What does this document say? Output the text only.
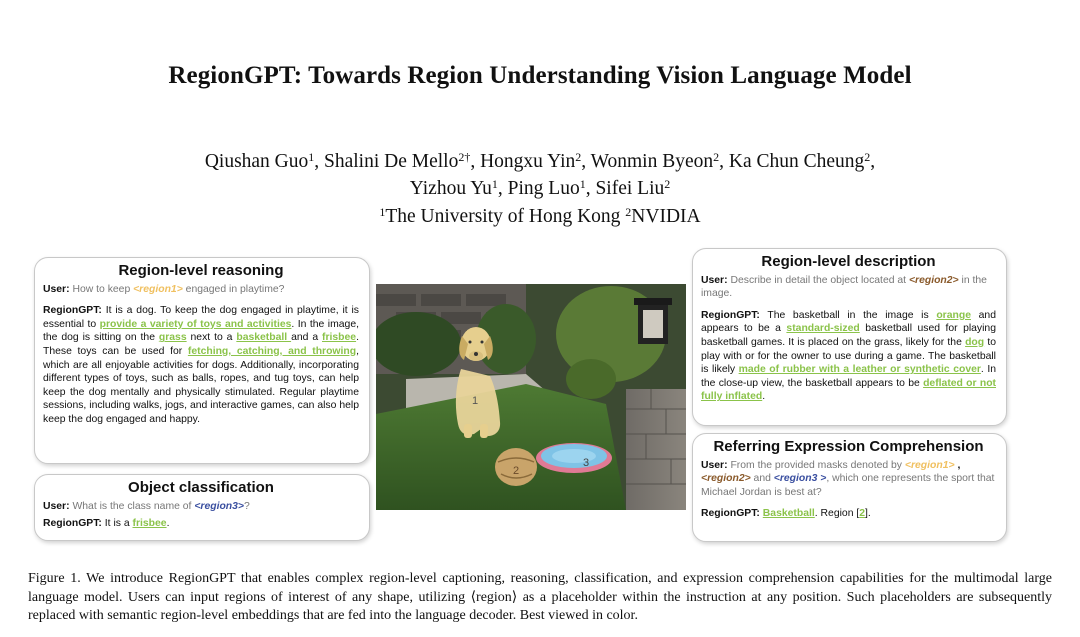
RegionGPT: Towards Region Understanding Vision Language Model
Qiushan Guo$^1$, Shalini De Mello$^{2\dagger}$, Hongxu Yin$^2$, Wonmin Byeon$^2$, Ka Chun Cheung$^2$,
Yizhou Yu$^1$, Ping Luo$^1$, Sifei Liu$^2$
$^1$The University of Hong Kong $^2$NVIDIA
Region-level reasoning
User: How to keep <region1> engaged in playtime?
RegionGPT: It is a dog. To keep the dog engaged in playtime, it is essential to provide a variety of toys and activities. In the image, the dog is sitting on the grass next to a basketball and a frisbee. These toys can be used for fetching, catching, and throwing, which are all enjoyable activities for dogs. Additionally, incorporating different types of toys, such as balls, ropes, and tug toys, can help keep the dog mentally and physically stimulated. Regular playtime sessions, including walks, jogs, and interactive games, can also help keep the dog engaged and happy.
Object classification
User: What is the class name of <region3>?
RegionGPT: It is a frisbee.
1
2
3
Region-level description
User: Describe in detail the object located at <region2> in the image.
RegionGPT: The basketball in the image is orange and appears to be a standard-sized basketball used for playing basketball games. It is placed on the grass, likely for the dog to play with or for the owner to use during a game. The basketball is likely made of rubber with a leather or synthetic cover. In the close-up view, the basketball appears to be deflated or not fully inflated.
Referring Expression Comprehension
User: From the provided masks denoted by <region1> , <region2> and <region3 >, which one represents the sport that Michael Jordan is best at?
RegionGPT: Basketball. Region [2].
Figure 1. We introduce RegionGPT that enables complex region-level captioning, reasoning, classification, and expression comprehension capabilities for the multimodal large language model. Users can input regions of interest of any shape, utilizing ⟨region⟩ as a placeholder within the instruction at any position. Such placeholders are subsequently replaced with semantic region-level embeddings that are fed into the language decoder. Best viewed in color.
